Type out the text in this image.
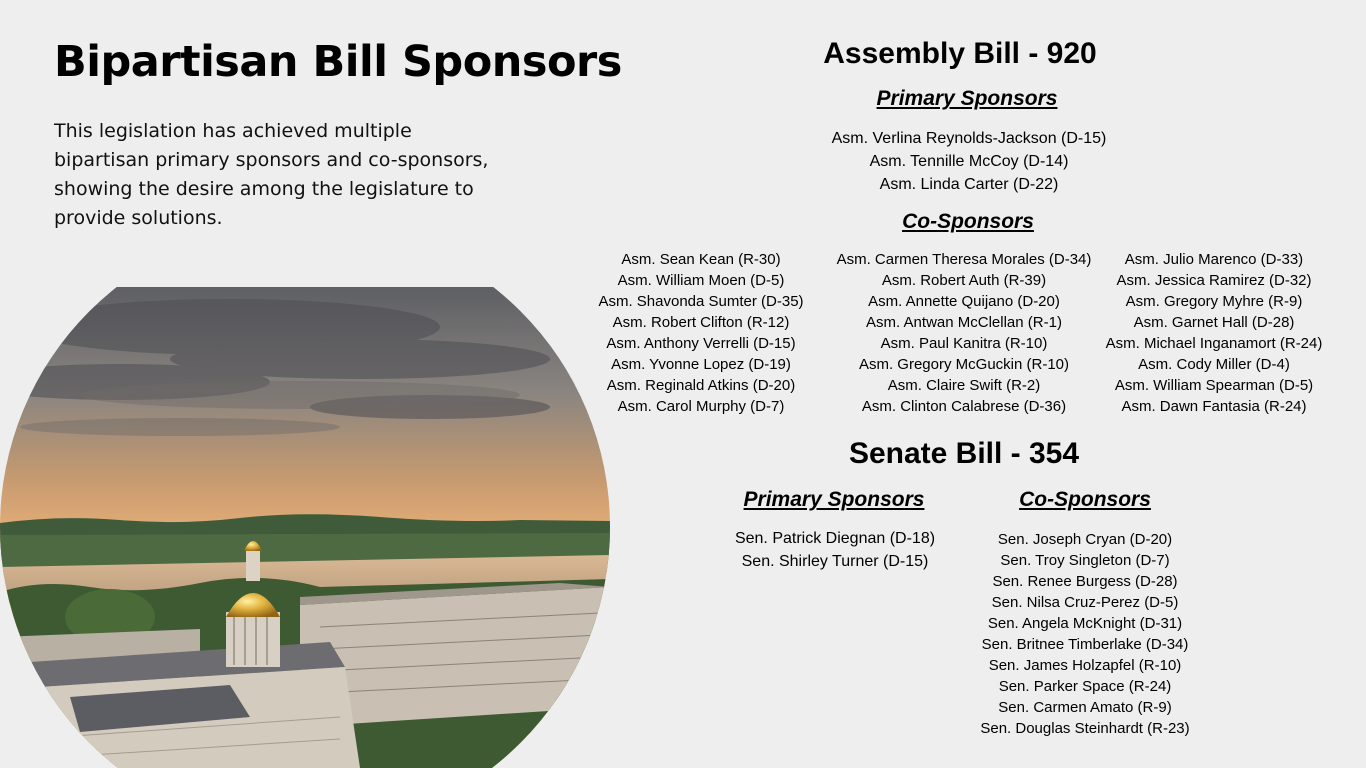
Bipartisan Bill Sponsors

This legislation has achieved multiple bipartisan primary sponsors and co-sponsors, showing the desire among the legislature to provide solutions.

Assembly Bill - 920
Primary Sponsors
Asm. Verlina Reynolds-Jackson (D-15)
Asm. Tennille McCoy (D-14)
Asm. Linda Carter (D-22)
Co-Sponsors
Asm. Sean Kean (R-30)
Asm. William Moen (D-5)
Asm. Shavonda Sumter (D-35)
Asm. Robert Clifton (R-12)
Asm. Anthony Verrelli (D-15)
Asm. Yvonne Lopez (D-19)
Asm. Reginald Atkins (D-20)
Asm. Carol Murphy (D-7)
Asm. Carmen Theresa Morales (D-34)
Asm. Robert Auth (R-39)
Asm. Annette Quijano (D-20)
Asm. Antwan McClellan (R-1)
Asm. Paul Kanitra (R-10)
Asm. Gregory McGuckin (R-10)
Asm. Claire Swift (R-2)
Asm. Clinton Calabrese (D-36)
Asm. Julio Marenco (D-33)
Asm. Jessica Ramirez (D-32)
Asm. Gregory Myhre (R-9)
Asm. Garnet Hall (D-28)
Asm. Michael Inganamort (R-24)
Asm. Cody Miller (D-4)
Asm. William Spearman (D-5)
Asm. Dawn Fantasia (R-24)
Senate Bill - 354
Primary Sponsors
Sen. Patrick Diegnan (D-18)
Sen. Shirley Turner (D-15)
Co-Sponsors
Sen. Joseph Cryan (D-20)
Sen. Troy Singleton (D-7)
Sen. Renee Burgess (D-28)
Sen. Nilsa Cruz-Perez (D-5)
Sen. Angela McKnight (D-31)
Sen. Britnee Timberlake (D-34)
Sen. James Holzapfel (R-10)
Sen. Parker Space (R-24)
Sen. Carmen Amato (R-9)
Sen. Douglas Steinhardt (R-23)
